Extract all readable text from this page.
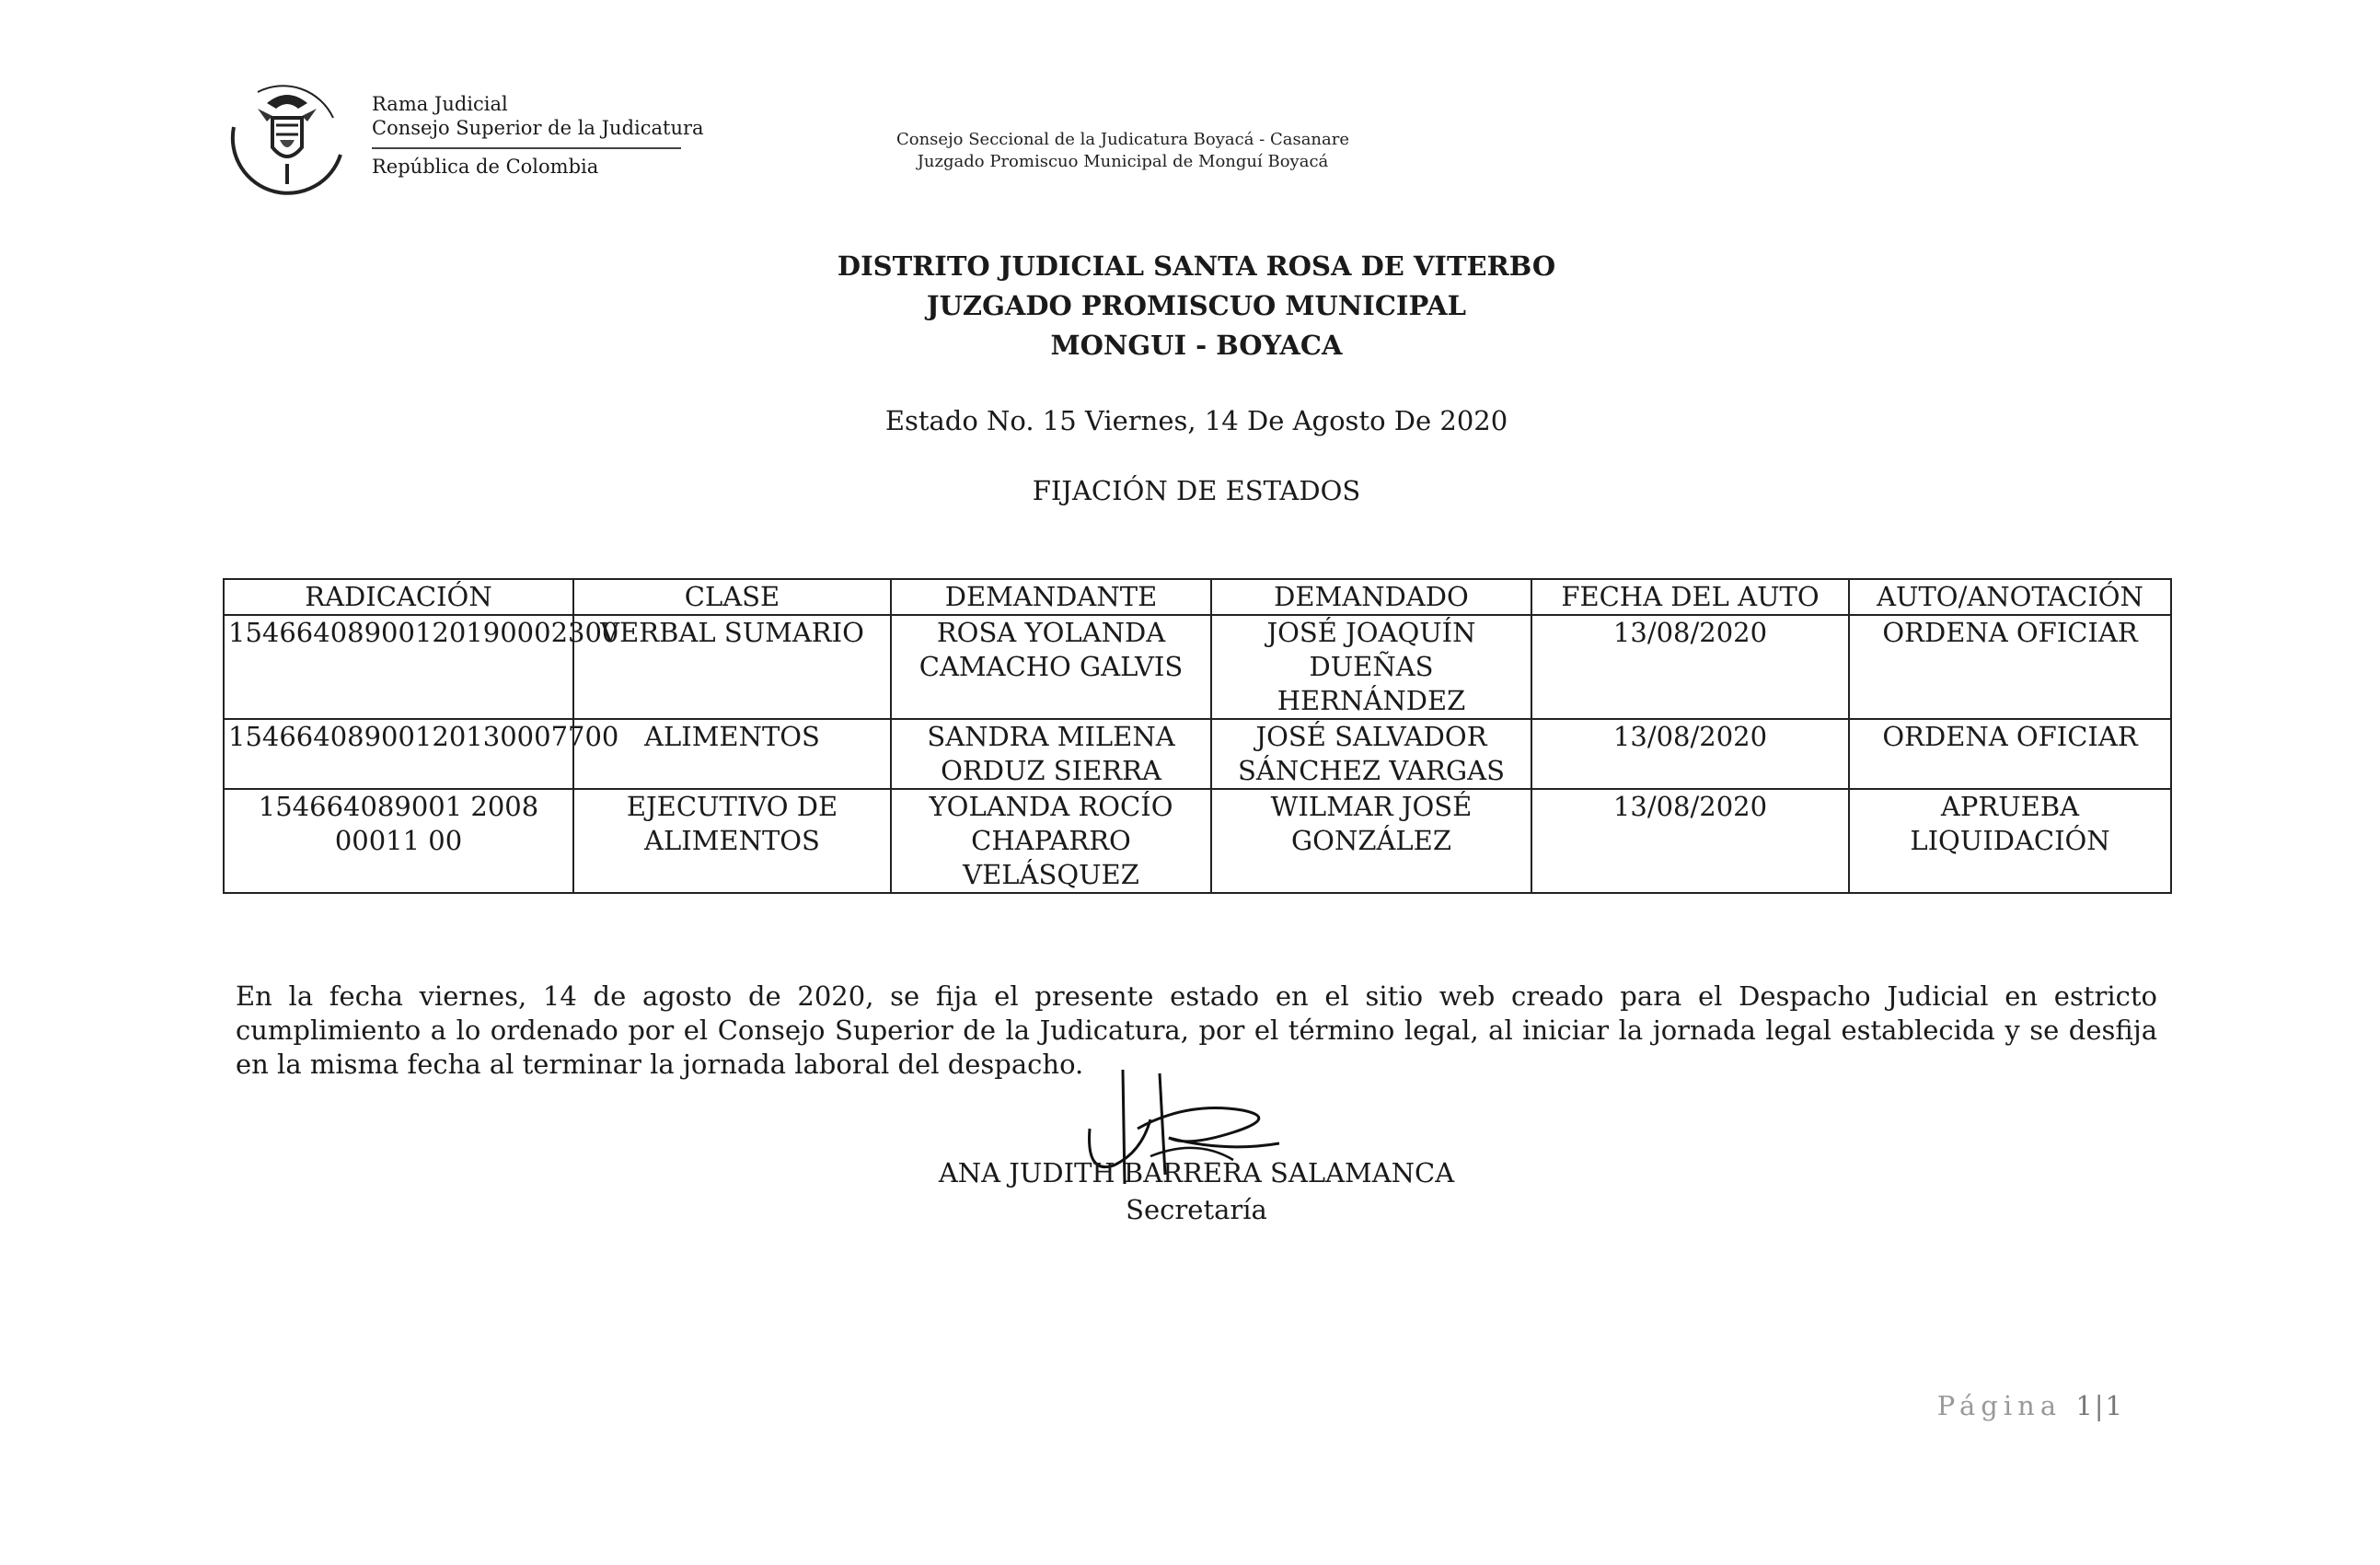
Rama Judicial
Consejo Superior de la Judicatura
República de Colombia
Consejo Seccional de la Judicatura Boyacá - Casanare
Juzgado Promiscuo Municipal de Monguí Boyacá
DISTRITO JUDICIAL SANTA ROSA DE VITERBO
JUZGADO PROMISCUO MUNICIPAL
MONGUI - BOYACA
Estado No. 15 Viernes, 14 De Agosto De 2020
FIJACIÓN DE ESTADOS
RADICACIÓN	CLASE	DEMANDANTE	DEMANDADO	FECHA DEL AUTO	AUTO/ANOTACIÓN
15466408900120190002300	VERBAL SUMARIO	ROSA YOLANDA CAMACHO GALVIS	JOSÉ JOAQUÍN DUEÑAS HERNÁNDEZ	13/08/2020	ORDENA OFICIAR
15466408900120130007700	ALIMENTOS	SANDRA MILENA ORDUZ SIERRA	JOSÉ SALVADOR SÁNCHEZ VARGAS	13/08/2020	ORDENA OFICIAR
154664089001 2008 00011 00	EJECUTIVO DE ALIMENTOS	YOLANDA ROCÍO CHAPARRO VELÁSQUEZ	WILMAR JOSÉ GONZÁLEZ	13/08/2020	APRUEBA LIQUIDACIÓN
En la fecha viernes, 14 de agosto de 2020, se fija el presente estado en el sitio web creado para el Despacho Judicial en estricto cumplimiento a lo ordenado por el Consejo Superior de la Judicatura, por el término legal, al iniciar la jornada legal establecida y se desfija en la misma fecha al terminar la jornada laboral del despacho.
ANA JUDITH BARRERA SALAMANCA
Secretaría
Página 1|1
